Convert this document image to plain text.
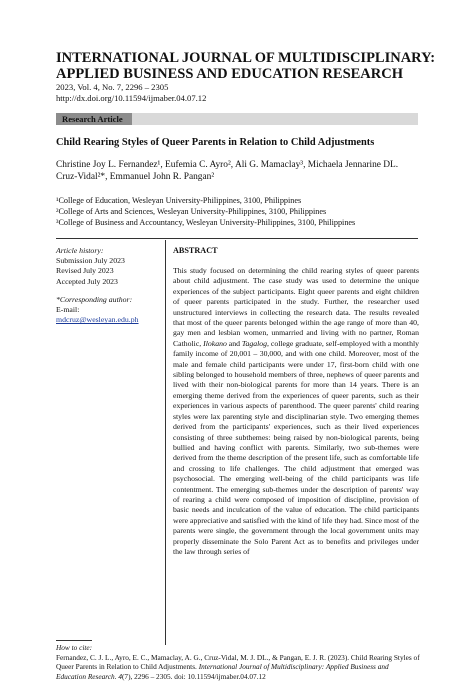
INTERNATIONAL JOURNAL OF MULTIDISCIPLINARY: APPLIED BUSINESS AND EDUCATION RESEARCH
2023, Vol. 4, No. 7, 2296 – 2305
http://dx.doi.org/10.11594/ijmaber.04.07.12
Research Article
Child Rearing Styles of Queer Parents in Relation to Child Adjustments
Christine Joy L. Fernandez¹, Eufemia C. Ayro², Ali G. Mamaclay³, Michaela Jennarine DL. Cruz-Vidal²*, Emmanuel John R. Pangan²
¹College of Education, Wesleyan University-Philippines, 3100, Philippines
²College of Arts and Sciences, Wesleyan University-Philippines, 3100, Philippines
³College of Business and Accountancy, Wesleyan University-Philippines, 3100, Philippines
Article history:
Submission July 2023
Revised July 2023
Accepted July 2023
*Corresponding author:
E-mail:
mdcruz@wesleyan.edu.ph
ABSTRACT
This study focused on determining the child rearing styles of queer parents about child adjustment. The case study was used to determine the unique experiences of the subject participants. Eight queer parents and eight children of queer parents participated in the study. Further, the researcher used unstructured interviews in collecting the research data. The results revealed that most of the queer parents belonged within the age range of more than 40, gay men and lesbian women, unmarried and living with no partner, Roman Catholic, Ilokano and Tagalog, college graduate, self-employed with a monthly family income of 20,001 – 30,000, and with one child. Moreover, most of the male and female child participants were under 17, first-born child with one sibling belonged to household members of three, nephews of queer parents and lived with their non-biological parents for more than 14 years. There is an emerging theme derived from the experiences of queer parents, such as their experiences in various aspects of parenthood. The queer parents' child rearing styles were lax parenting style and disciplinarian style. Two emerging themes derived from the participants' experiences, such as their lived experiences consisting of three subthemes: being raised by non-biological parents, being bullied and having conflict with parents. Similarly, two sub-themes were derived from the theme description of the present life, such as comfortable life and crossing to life challenges. The child adjustment that emerged was psychosocial. The emerging well-being of the child participants was life contentment. The emerging sub-themes under the description of parents' way of rearing a child were composed of imposition of discipline, provision of basic needs and inculcation of the value of education. The child participants were appreciative and satisfied with the kind of life they had. Since most of the parents were single, the government through the local government units may properly disseminate the Solo Parent Act as to benefits and privileges under the law through series of
How to cite:
Fernandez, C. J. L., Ayro, E. C., Mamaclay, A. G., Cruz-Vidal, M. J. DL., & Pangan, E. J. R. (2023). Child Rearing Styles of Queer Parents in Relation to Child Adjustments. International Journal of Multidisciplinary: Applied Business and Education Research. 4(7), 2296 – 2305. doi: 10.11594/ijmaber.04.07.12
